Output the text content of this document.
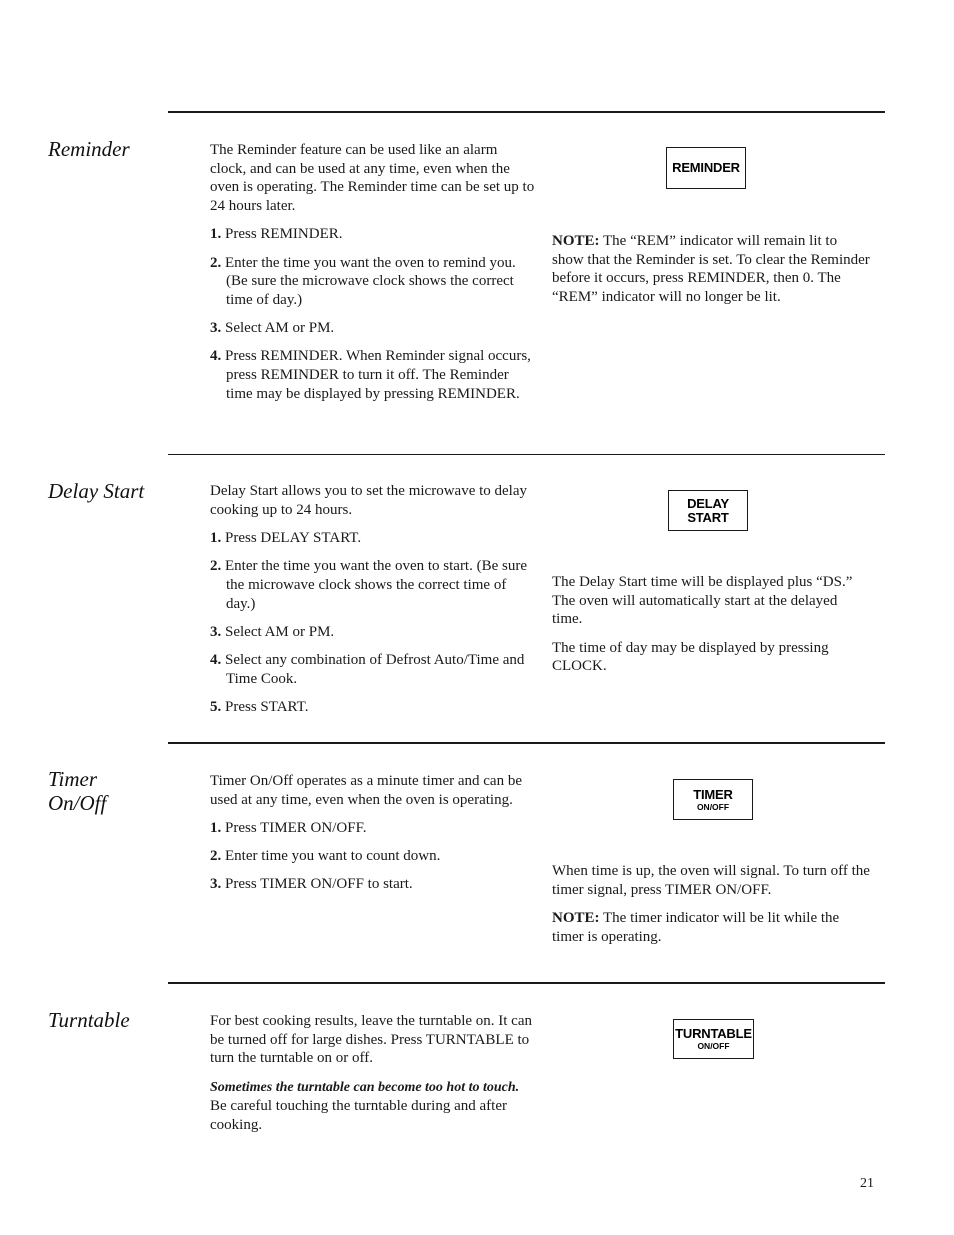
Reminder	The Reminder feature can be used like an alarm clock, and can be used at any time, even when the oven is operating. The Reminder time can be set up to 24 hours later.

1. Press REMINDER.
2. Enter the time you want the oven to remind you. (Be sure the microwave clock shows the correct time of day.)
3. Select AM or PM.
4. Press REMINDER. When Reminder signal occurs, press REMINDER to turn it off. The Reminder time may be displayed by pressing REMINDER.
REMINDER

NOTE: The “REM” indicator will remain lit to show that the Reminder is set. To clear the Reminder before it occurs, press REMINDER, then 0. The “REM” indicator will no longer be lit.

Delay Start	Delay Start allows you to set the microwave to delay cooking up to 24 hours.

1. Press DELAY START.
2. Enter the time you want the oven to start. (Be sure the microwave clock shows the correct time of day.)
3. Select AM or PM.
4. Select any combination of Defrost Auto/Time and Time Cook.
5. Press START.
DELAY
START

The Delay Start time will be displayed plus “DS.” The oven will automatically start at the delayed time.

The time of day may be displayed by pressing CLOCK.

Timer
On/Off

Timer On/Off operates as a minute timer and can be used at any time, even when the oven is operating.

1. Press TIMER ON/OFF.
2. Enter time you want to count down.
3. Press TIMER ON/OFF to start.
TIMER
ON/OFF

When time is up, the oven will signal. To turn off the timer signal, press TIMER ON/OFF.

NOTE: The timer indicator will be lit while the timer is operating.

Turntable	For best cooking results, leave the turntable on. It can be turned off for large dishes. Press TURNTABLE to turn the turntable on or off.

Sometimes the turntable can become too hot to touch. Be careful touching the turntable during and after cooking.

TURNTABLE
ON/OFF
21
